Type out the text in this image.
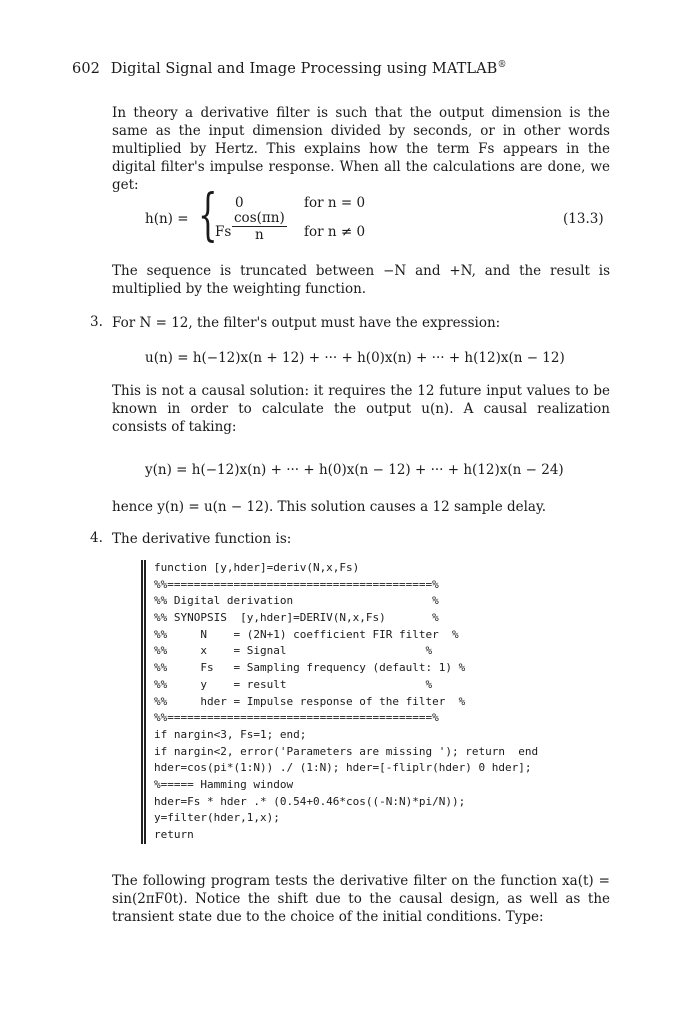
602 Digital Signal and Image Processing using MATLAB®
In theory a derivative filter is such that the output dimension is the same as the input dimension divided by seconds, or in other words multiplied by Hertz. This explains how the term Fs appears in the digital filter's impulse response. When all the calculations are done, we get:
h(n) = { 0	for n = 0
Fs $\frac{\cos(\pi n)}{n}$ for n ≠ 0
(13.3)
The sequence is truncated between −N and +N, and the result is multiplied by the weighting function.
3. For N = 12, the filter's output must have the expression:
u(n) = h(−12)x(n + 12) + ··· + h(0)x(n) + ··· + h(12)x(n − 12)
This is not a causal solution: it requires the 12 future input values to be known in order to calculate the output u(n). A causal realization consists of taking:
y(n) = h(−12)x(n) + ··· + h(0)x(n − 12) + ··· + h(12)x(n − 24)
hence y(n) = u(n − 12). This solution causes a 12 sample delay.
4. The derivative function is:
function [y,hder]=deriv(N,x,Fs)
%%========================================%
%% Digital derivation                     %
%% SYNOPSIS  [y,hder]=DERIV(N,x,Fs)       %
%%     N    = (2N+1) coefficient FIR filter  %
%%     x    = Signal                     %
%%     Fs   = Sampling frequency (default: 1) %
%%     y    = result                     %
%%     hder = Impulse response of the filter  %
%%========================================%
if nargin<3, Fs=1; end;
if nargin<2, error('Parameters are missing '); return  end
hder=cos(pi*(1:N)) ./ (1:N); hder=[-fliplr(hder) 0 hder];
%===== Hamming window
hder=Fs * hder .* (0.54+0.46*cos((-N:N)*pi/N));
y=filter(hder,1,x);
return
The following program tests the derivative filter on the function xa(t) = sin(2πF0t). Notice the shift due to the causal design, as well as the transient state due to the choice of the initial conditions. Type:
